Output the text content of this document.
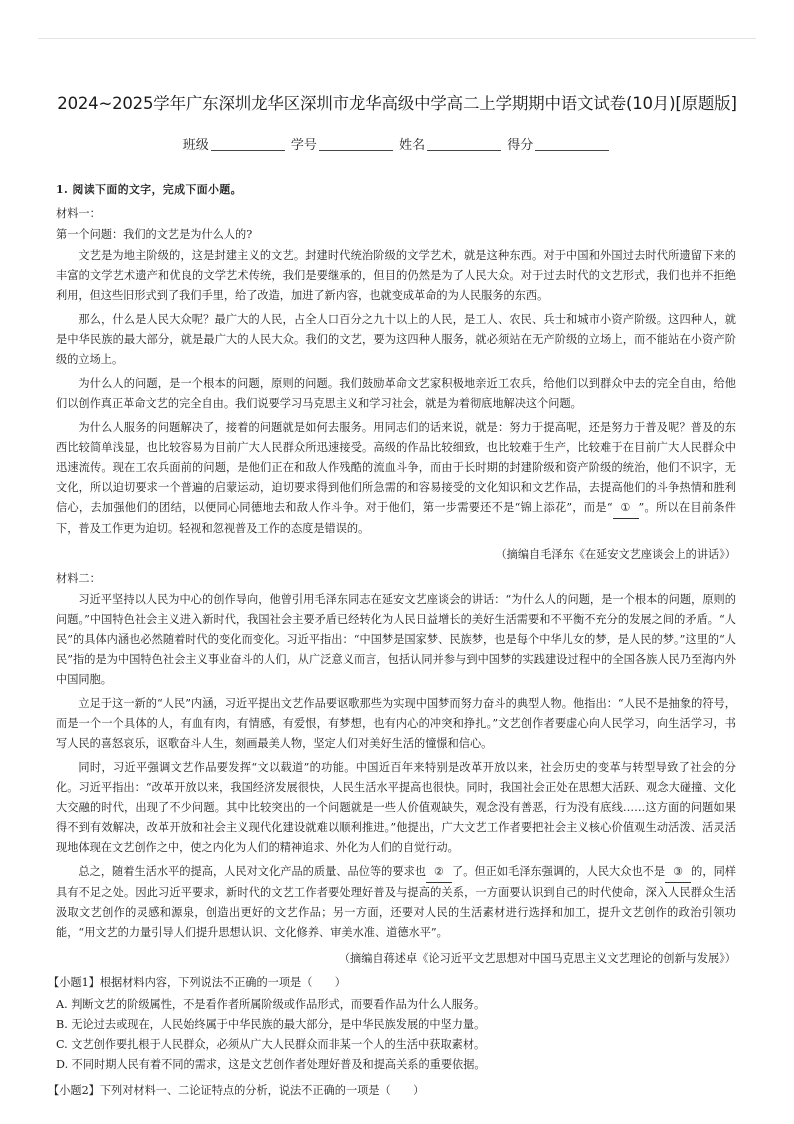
2024~2025学年广东深圳龙华区深圳市龙华高级中学高二上学期期中语文试卷(10月)[原题版]
班级	学号	姓名	得分

1. 阅读下面的文字，完成下面小题。

材料一：

第一个问题：我们的文艺是为什么人的?

文艺是为地主阶级的，这是封建主义的文艺。封建时代统治阶级的文学艺术，就是这种东西。对于中国和外国过去时代所遗留下来的丰富的文学艺术遗产和优良的文学艺术传统，我们是要继承的，但目的仍然是为了人民大众。对于过去时代的文艺形式，我们也并不拒绝利用，但这些旧形式到了我们手里，给了改造，加进了新内容，也就变成革命的为人民服务的东西。

那么，什么是人民大众呢？最广大的人民，占全人口百分之九十以上的人民，是工人、农民、兵士和城市小资产阶级。这四种人，就是中华民族的最大部分，就是最广大的人民大众。我们的文艺，要为这四种人服务，就必须站在无产阶级的立场上，而不能站在小资产阶级的立场上。

为什么人的问题，是一个根本的问题，原则的问题。我们鼓励革命文艺家积极地亲近工农兵，给他们以到群众中去的完全自由，给他们以创作真正革命文艺的完全自由。我们说要学习马克思主义和学习社会，就是为着彻底地解决这个问题。

为什么人服务的问题解决了，接着的问题就是如何去服务。用同志们的话来说，就是：努力于提高呢，还是努力于普及呢？普及的东西比较简单浅显，也比较容易为目前广大人民群众所迅速接受。高级的作品比较细致，也比较难于生产，比较难于在目前广大人民群众中迅速流传。现在工农兵面前的问题，是他们正在和敌人作残酷的流血斗争，而由于长时期的封建阶级和资产阶级的统治，他们不识字，无文化，所以迫切要求一个普遍的启蒙运动，迫切要求得到他们所急需的和容易接受的文化知识和文艺作品，去提高他们的斗争热情和胜利信心，去加强他们的团结，以便同心同德地去和敌人作斗争。对于他们，第一步需要还不是“锦上添花”，而是“ ① ”。所以在目前条件下，普及工作更为迫切。轻视和忽视普及工作的态度是错误的。

（摘编自毛泽东《在延安文艺座谈会上的讲话》）

材料二：

习近平坚持以人民为中心的创作导向，他曾引用毛泽东同志在延安文艺座谈会的讲话：“为什么人的问题，是一个根本的问题，原则的问题。”中国特色社会主义进入新时代，我国社会主要矛盾已经转化为人民日益增长的美好生活需要和不平衡不充分的发展之间的矛盾。“人民”的具体内涵也必然随着时代的变化而变化。习近平指出：“中国梦是国家梦、民族梦，也是每个中华儿女的梦，是人民的梦。”这里的“人民”指的是为中国特色社会主义事业奋斗的人们，从广泛意义而言，包括认同并参与到中国梦的实践建设过程中的全国各族人民乃至海内外中国同胞。

立足于这一新的“人民”内涵，习近平提出文艺作品要讴歌那些为实现中国梦而努力奋斗的典型人物。他指出：“人民不是抽象的符号，而是一个一个具体的人，有血有肉，有情感，有爱恨，有梦想，也有内心的冲突和挣扎。”文艺创作者要虚心向人民学习，向生活学习，书写人民的喜怒哀乐，讴歌奋斗人生，刻画最美人物，坚定人们对美好生活的憧憬和信心。

同时，习近平强调文艺作品要发挥“文以载道”的功能。中国近百年来特别是改革开放以来，社会历史的变革与转型导致了社会的分化。习近平指出：“改革开放以来，我国经济发展很快，人民生活水平提高也很快。同时，我国社会正处在思想大活跃、观念大碰撞、文化大交融的时代，出现了不少问题。其中比较突出的一个问题就是一些人价值观缺失，观念没有善恶，行为没有底线……这方面的问题如果得不到有效解决，改革开放和社会主义现代化建设就难以顺利推进。”他提出，广大文艺工作者要把社会主义核心价值观生动活泼、活灵活现地体现在文艺创作之中，使之内化为人们的精神追求、外化为人们的自觉行动。

总之，随着生活水平的提高，人民对文化产品的质量、品位等的要求也 ② 了。但正如毛泽东强调的，人民大众也不是 ③ 的，同样具有不足之处。因此习近平要求，新时代的文艺工作者要处理好普及与提高的关系，一方面要认识到自己的时代使命，深入人民群众生活汲取文艺创作的灵感和源泉，创造出更好的文艺作品；另一方面，还要对人民的生活素材进行选择和加工，提升文艺创作的政治引领功能，“用文艺的力量引导人们提升思想认识、文化修养、审美水准、道德水平”。

（摘编自蒋述卓《论习近平文艺思想对中国马克思主义文艺理论的创新与发展》）

【小题1】根据材料内容，下列说法不正确的一项是（　　）

A. 判断文艺的阶级属性，不是看作者所属阶级或作品形式，而要看作品为什么人服务。

B. 无论过去或现在，人民始终属于中华民族的最大部分，是中华民族发展的中坚力量。

C. 文艺创作要扎根于人民群众，必须从广大人民群众而非某一个人的生活中获取素材。

D. 不同时期人民有着不同的需求，这是文艺创作者处理好普及和提高关系的重要依据。

【小题2】下列对材料一、二论证特点的分析，说法不正确的一项是（　　）
